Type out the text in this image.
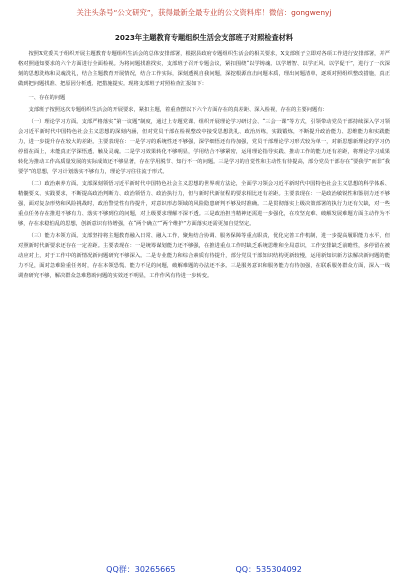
关注头条号“公文研究”，获得最新全最专业的公文资料库！微信：gongwenyj
2023年主题教育专题组织生活会支部班子对照检查材料

按照X党委关于组织开展主题教育专题组织生活会的总体安排部署，根据县政府专题组织生活会的相关要求，X支部班子立即对各项工作进行安排部署，并严格对照通知要求的六个方面进行全面检视。为将问题找准找实，支部班子召开专题会议，紧扣围绕“以学铸魂、以学增智、以学正风、以学促干”，进行了一次深刻的思想洗练和灵魂洗礼，结合主题教育开展情况，结合工作实际，深刻透视自我问题，深挖根源直击问题本质，理出问题清单，逐项对照组织整改措施，真正做到把问题找准、把原因分析透、把措施提实。现将支部班子对照检查汇报如下：

一、存在的问题

支部班子按照这次专题组织生活会的开展要求，紧扣主题，着重查摆以下六个方面存在的真差距、深入检视，存在的主要问题有：

（一）理论学习方面。支部严格落实“第一议题”制度，通过上专题党课、组织开展理论学习研讨会、“三会一课”等方式，引领带动党员干部持续深入学习领会习近平新时代中国特色社会主义思想的深刻内涵，但对党员干部在检视整改中接受思想洗礼、政治历练，实践锻炼，不断提升政治能力、思维能力和实践能力，进一步提升存在较大的差距。主要表现在：一是学习的系统性还不够强，深学细悟还有待加强，党员干部理论学习形式较为单一，对新思想新理论的学习仍停留在面上，未能真正学深悟透、触及灵魂。二是学习效果转化不够明显，学用结合不够紧密，运用理论指导实践、推动工作的能力还有差距，将理论学习成果转化为推动工作高质量发展的实际成效还不够显著，存在学用脱节、知行不一的问题。三是学习的自觉性和主动性有待提高，部分党员干部存在“要我学”而非“我要学”的思想，学习计划落实不够有力，理论学习往往流于形式。

（二）政治素养方面。支部深刻领悟习近平新时代中国特色社会主义思想的世界观方法论，全面学习领会习近平新时代中国特色社会主义思想的科学体系、精髓要义、实践要求，不断提高政治判断力、政治领悟力、政治执行力，但与新时代新征程的要求相比还有差距。主要表现在：一是政治敏锐性和鉴别力还不够强，面对复杂形势和风险挑战时，政治警觉性有待提升，对意识形态领域的风险隐患研判不够及时准确。二是贯彻落实上级决策部署的执行力还有欠缺，对一些重点任务存在推进不够有力、落实不够到位的问题，对上级要求理解不深不透。三是政治担当精神还需进一步强化，在攻坚克难、破解发展难题方面主动作为不够，存在求稳怕乱的思想，创新意识有待增强，在“两个确立”“两个维护”方面落实还需更加自觉坚定。

（三）能力本领方面。支部坚持将主题教育融入日常、融入工作，聚焦结合协调、服务保障等重点职责，优化完善工作机制，进一步提高履职能力水平，但对照新时代新要求还存在一定差距。主要表现在：一是统筹谋划能力还不够强，在推进重点工作时缺乏系统思维和全局意识，工作安排缺乏前瞻性，多停留在被动应对上，对于工作中的新情况新问题研究不够深入。二是专业能力和综合素质有待提升，部分党员干部知识结构更新较慢，运用新知识新方法解决新问题的能力不足，面对急难险重任务时，存在本领恐慌、能力不足的问题，破解难题的办法还不多。三是服务意识和服务能力有待加强，在联系服务群众方面，深入一线调查研究不够，解决群众急难愁盼问题的实效还不明显，工作作风有待进一步转变。

QQ群：30265665	QQ：535304092
